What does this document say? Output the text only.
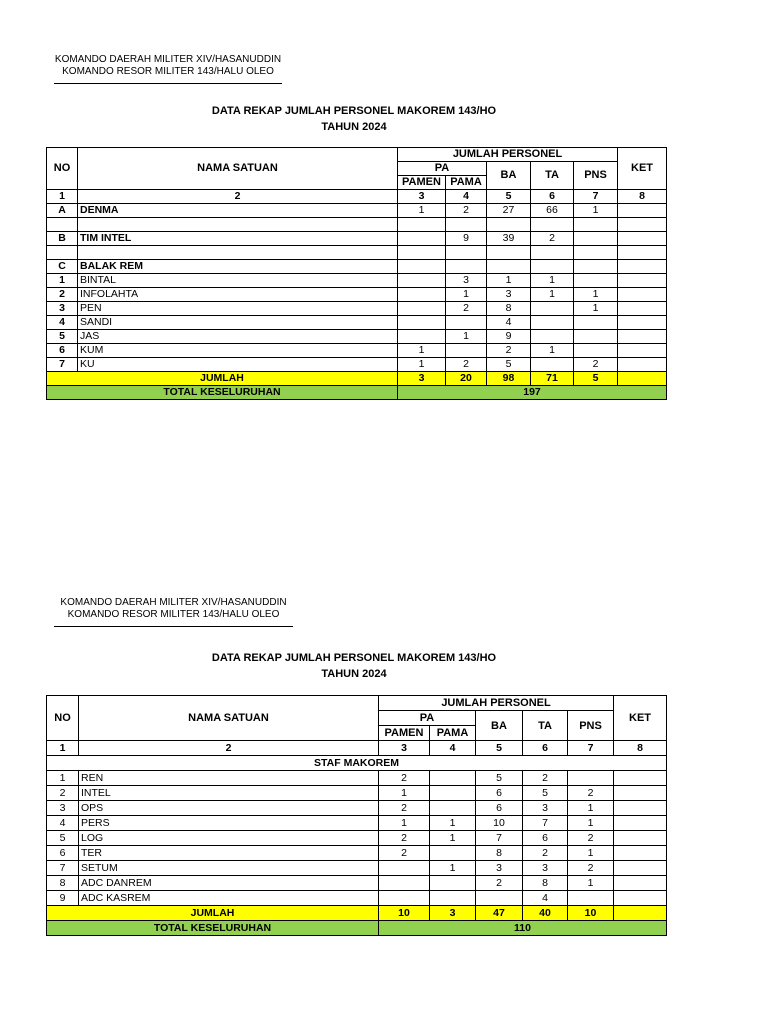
KOMANDO DAERAH MILITER XIV/HASANUDDIN
KOMANDO RESOR MILITER 143/HALU OLEO
DATA REKAP JUMLAH PERSONEL MAKOREM 143/HO
TAHUN 2024
NO	NAMA SATUAN	JUMLAH PERSONEL					KET
		PA		BA	TA	PNS	
		PAMEN	PAMA				
1	2	3	4	5	6	7	8
A	DENMA	1	2	27	66	1	

B	TIM INTEL		9	39	2		

C	BALAK REM						
1	BINTAL		3	1	1		
2	INFOLAHTA		1	3	1	1	
3	PEN		2	8		1	
4	SANDI			4			
5	JAS		1	9			
6	KUM	1		2	1		
7	KU	1	2	5		2	
JUMLAH		3	20	98	71	5	
TOTAL KESELURUHAN		197					
KOMANDO DAERAH MILITER XIV/HASANUDDIN
KOMANDO RESOR MILITER 143/HALU OLEO
DATA REKAP JUMLAH PERSONEL MAKOREM 143/HO
TAHUN 2024
NO	NAMA SATUAN	JUMLAH PERSONEL					KET
		PA		BA	TA	PNS	
		PAMEN	PAMA				
1	2	3	4	5	6	7	8
STAF MAKOREM							
1	REN	2		5	2		
2	INTEL	1		6	5	2	
3	OPS	2		6	3	1	
4	PERS	1	1	10	7	1	
5	LOG	2	1	7	6	2	
6	TER	2		8	2	1	
7	SETUM		1	3	3	2	
8	ADC DANREM			2	8	1	
9	ADC KASREM				4		
JUMLAH		10	3	47	40	10	
TOTAL KESELURUHAN		110					
